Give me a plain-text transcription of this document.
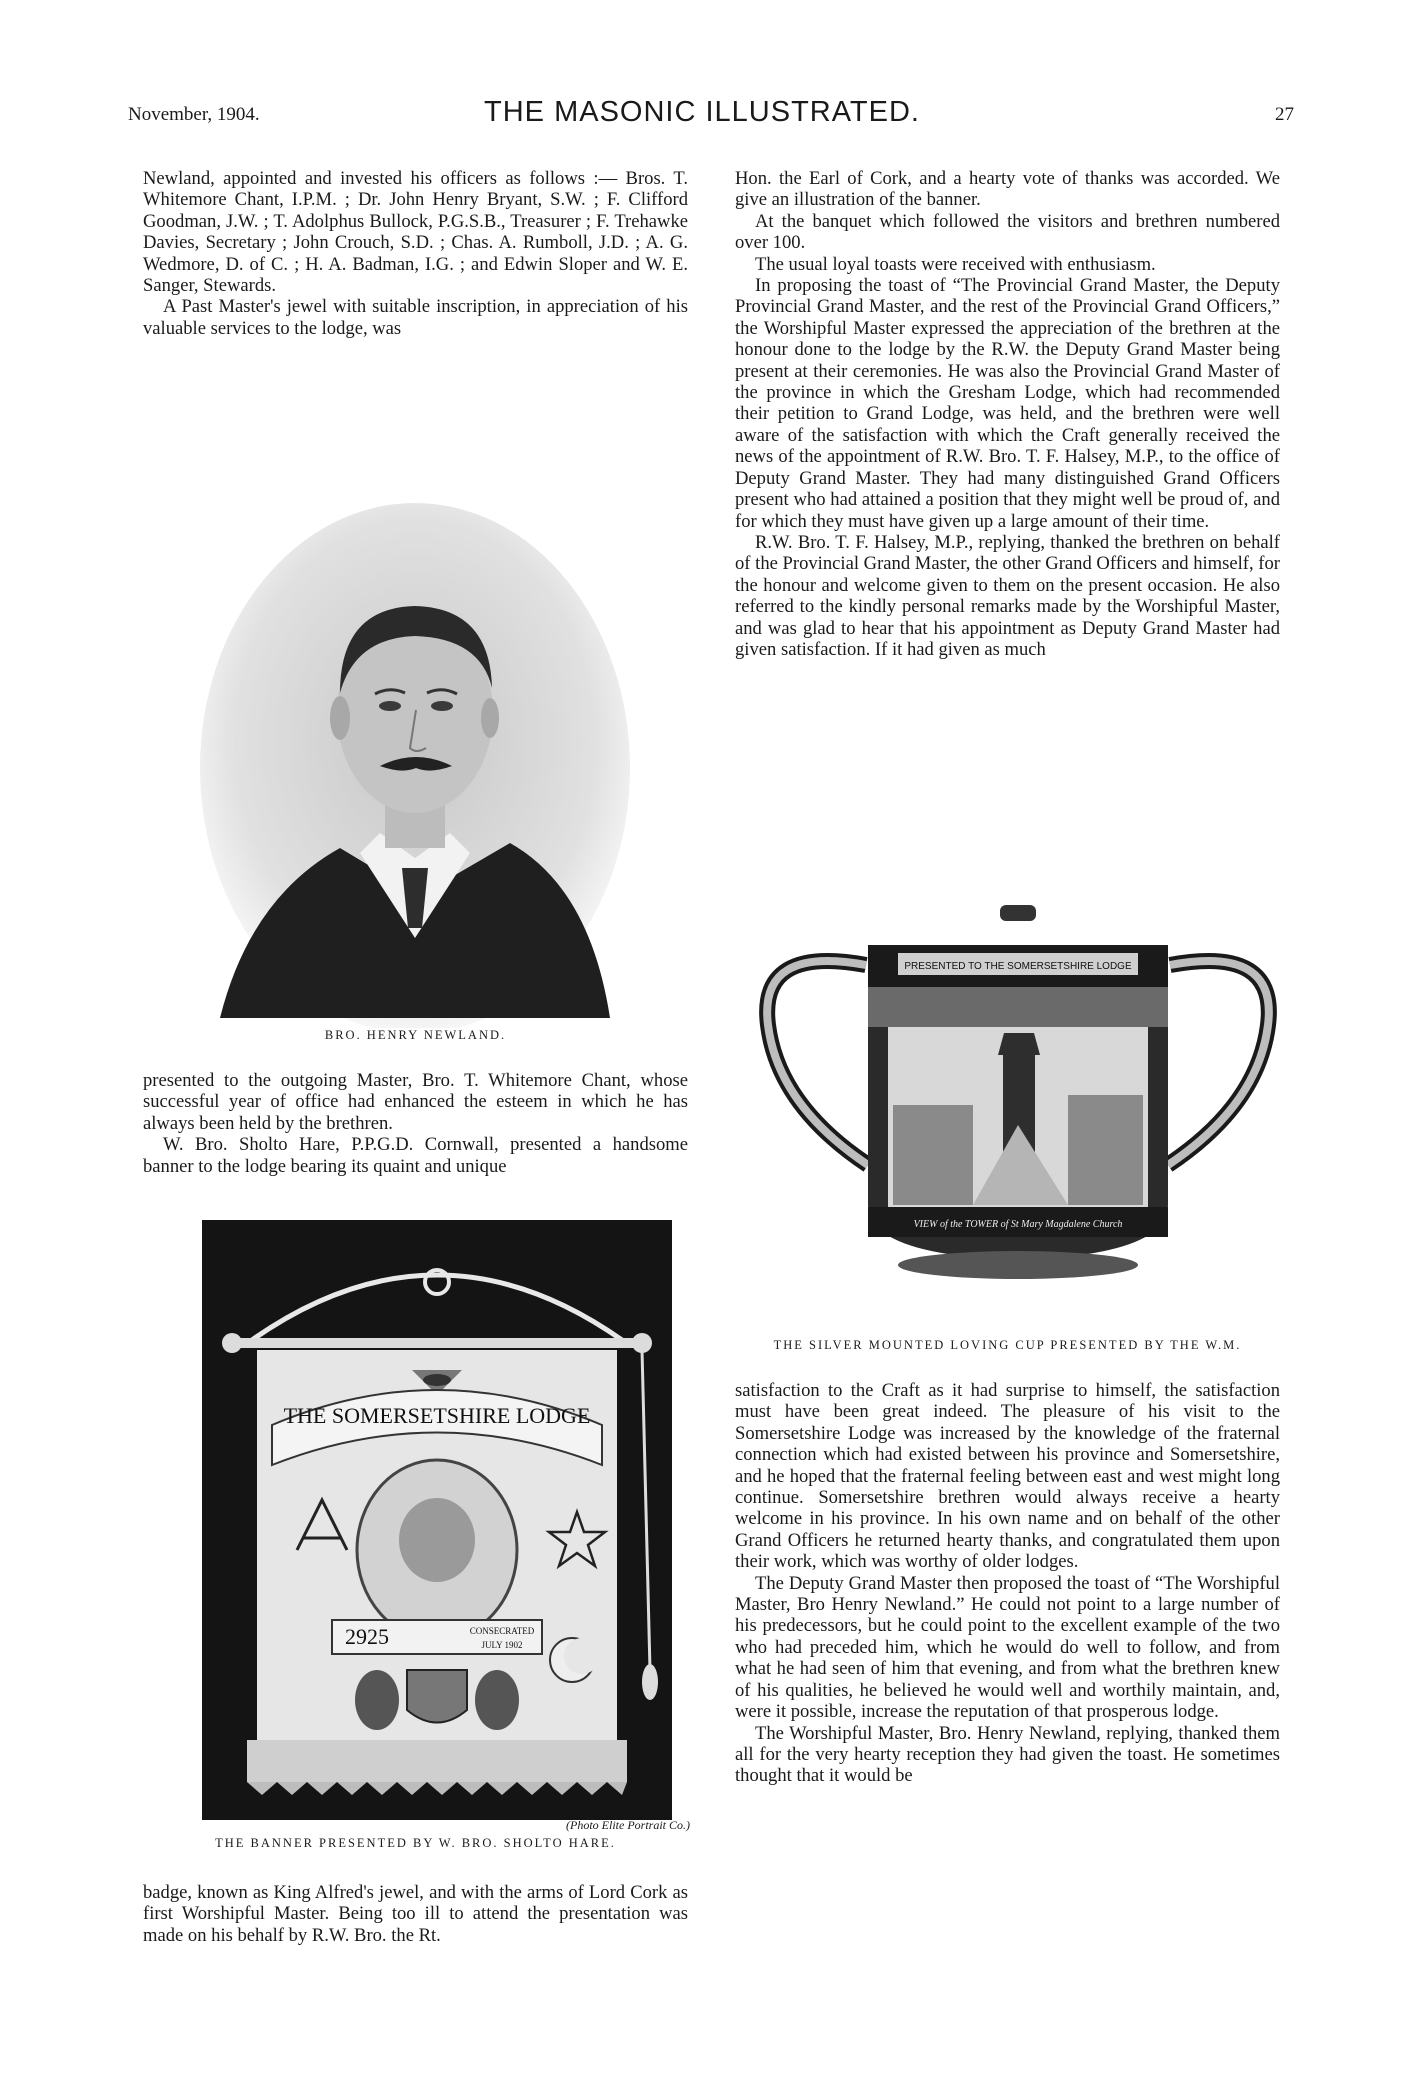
November, 1904.	THE MASONIC ILLUSTRATED.	27

Newland, appointed and invested his officers as follows :— Bros. T. Whitemore Chant, I.P.M. ; Dr. John Henry Bryant, S.W. ; F. Clifford Goodman, J.W. ; T. Adolphus Bullock, P.G.S.B., Treasurer ; F. Trehawke Davies, Secretary ; John Crouch, S.D. ; Chas. A. Rumboll, J.D. ; A. G. Wedmore, D. of C. ; H. A. Badman, I.G. ; and Edwin Sloper and W. E. Sanger, Stewards.

A Past Master's jewel with suitable inscription, in appreciation of his valuable services to the lodge, was

BRO. HENRY NEWLAND.

presented to the outgoing Master, Bro. T. Whitemore Chant, whose successful year of office had enhanced the esteem in which he has always been held by the brethren.

W. Bro. Sholto Hare, P.P.G.D. Cornwall, presented a handsome banner to the lodge bearing its quaint and unique

THE SOMERSETSHIRE LODGE
2925	CONSECRATED
JULY 1902
(Photo Elite Portrait Co.)
THE BANNER PRESENTED BY W. BRO. SHOLTO HARE.

badge, known as King Alfred's jewel, and with the arms of Lord Cork as first Worshipful Master. Being too ill to attend the presentation was made on his behalf by R.W. Bro. the Rt.

Hon. the Earl of Cork, and a hearty vote of thanks was accorded. We give an illustration of the banner.

At the banquet which followed the visitors and brethren numbered over 100.

The usual loyal toasts were received with enthusiasm.

In proposing the toast of “The Provincial Grand Master, the Deputy Provincial Grand Master, and the rest of the Provincial Grand Officers,” the Worshipful Master expressed the appreciation of the brethren at the honour done to the lodge by the R.W. the Deputy Grand Master being present at their ceremonies. He was also the Provincial Grand Master of the province in which the Gresham Lodge, which had recommended their petition to Grand Lodge, was held, and the brethren were well aware of the satisfaction with which the Craft generally received the news of the appointment of R.W. Bro. T. F. Halsey, M.P., to the office of Deputy Grand Master. They had many distinguished Grand Officers present who had attained a position that they might well be proud of, and for which they must have given up a large amount of their time.

R.W. Bro. T. F. Halsey, M.P., replying, thanked the brethren on behalf of the Provincial Grand Master, the other Grand Officers and himself, for the honour and welcome given to them on the present occasion. He also referred to the kindly personal remarks made by the Worshipful Master, and was glad to hear that his appointment as Deputy Grand Master had given satisfaction. If it had given as much

PRESENTED TO THE SOMERSETSHIRE LODGE
VIEW of the TOWER of St Mary Magdalene Church
THE SILVER MOUNTED LOVING CUP PRESENTED BY THE W.M.

satisfaction to the Craft as it had surprise to himself, the satisfaction must have been great indeed. The pleasure of his visit to the Somersetshire Lodge was increased by the knowledge of the fraternal connection which had existed between his province and Somersetshire, and he hoped that the fraternal feeling between east and west might long continue. Somersetshire brethren would always receive a hearty welcome in his province. In his own name and on behalf of the other Grand Officers he returned hearty thanks, and congratulated them upon their work, which was worthy of older lodges.

The Deputy Grand Master then proposed the toast of “The Worshipful Master, Bro Henry Newland.” He could not point to a large number of his predecessors, but he could point to the excellent example of the two who had preceded him, which he would do well to follow, and from what he had seen of him that evening, and from what the brethren knew of his qualities, he believed he would well and worthily maintain, and, were it possible, increase the reputation of that prosperous lodge.

The Worshipful Master, Bro. Henry Newland, replying, thanked them all for the very hearty reception they had given the toast. He sometimes thought that it would be
